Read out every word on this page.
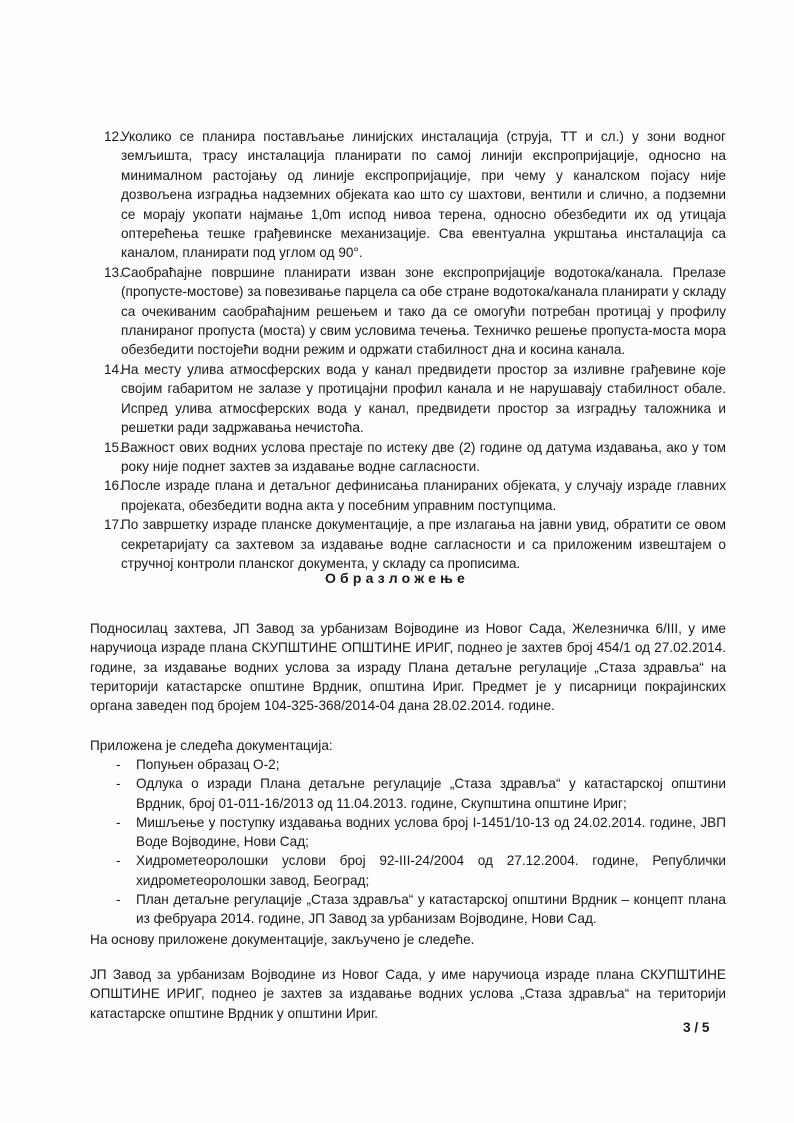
12.
Уколико се планира постављање линијских инсталација (струја, ТТ и сл.) у зони водног земљишта, трасу инсталација планирати по самој линији експропријације, односно на минималном растојању од линије експропријације, при чему у каналском појасу није дозвољена изградња надземних објеката као што су шахтови, вентили и слично, а подземни се морају укопати најмање 1,0m испод нивоа терена, односно обезбедити их од утицаја оптерећења тешке грађевинске механизације. Сва евентуална укрштања инсталација са каналом, планирати под углом од 90°.
13.
Саобраћајне површине планирати изван зоне експропријације водотока/канала. Прелазе (пропусте-мостове) за повезивање парцела са обе стране водотока/канала планирати у складу са очекиваним саобраћајним решењем и тако да се омогући потребан протицај у профилу планираног пропуста (моста) у свим условима течења. Техничко решење пропуста-моста мора обезбедити постојећи водни режим и одржати стабилност дна и косина канала.
14.
На месту улива атмосферских вода у канал предвидети простор за изливне грађевине које својим габаритом не залазе у протицајни профил канала и не нарушавају стабилност обале. Испред улива атмосферских вода у канал, предвидети простор за изградњу таложника и решетки ради задржавања нечистоћа.
15.
Важност ових водних услова престаје по истеку две (2) године од датума издавања, ако у том року није поднет захтев за издавање водне сагласности.
16.
После израде плана и детаљног дефинисања планираних објеката, у случају израде главних пројеката, обезбедити водна акта у посебним управним поступцима.
17.
По завршетку израде планске документације, а пре излагања на јавни увид, обратити се овом секретаријату са захтевом за издавање водне сагласности и са приложеним извештајем о стручној контроли планског документа, у складу са прописима.
Образложење

Подносилац захтева, ЈП Завод за урбанизам Војводине из Новог Сада, Железничка 6/III, у име наручиоца израде плана СКУПШТИНЕ ОПШТИНЕ ИРИГ, поднео је захтев број 454/1 од 27.02.2014. године, за издавање водних услова за израду Плана детаљне регулације „Стаза здравља“ на територији катастарске општине Врдник, општина Ириг. Предмет је у писарници покрајинских органа заведен под бројем 104-325-368/2014-04 дана 28.02.2014. године.

Приложена је следећа документација:

- Попуњен образац О-2;
- Одлука о изради Плана детаљне регулације „Стаза здравља“ у катастарској општини Врдник, број 01-011-16/2013 од 11.04.2013. године, Скупштина општине Ириг;
- Мишљење у поступку издавања водних услова број I-1451/10-13 од 24.02.2014. године, ЈВП Воде Војводине, Нови Сад;
- Хидрометеоролошки услови број 92-III-24/2004 од 27.12.2004. године, Републички хидрометеоролошки завод, Београд;
- План детаљне регулације „Стаза здравља“ у катастарској општини Врдник – концепт плана из фебруара 2014. године, ЈП Завод за урбанизам Војводине, Нови Сад.

На основу приложене документације, закључено је следеће.

ЈП Завод за урбанизам Војводине из Новог Сада, у име наручиоца израде плана СКУПШТИНЕ ОПШТИНЕ ИРИГ, поднео је захтев за издавање водних услова „Стаза здравља“ на територији катастарске општине Врдник у општини Ириг.

3 / 5
